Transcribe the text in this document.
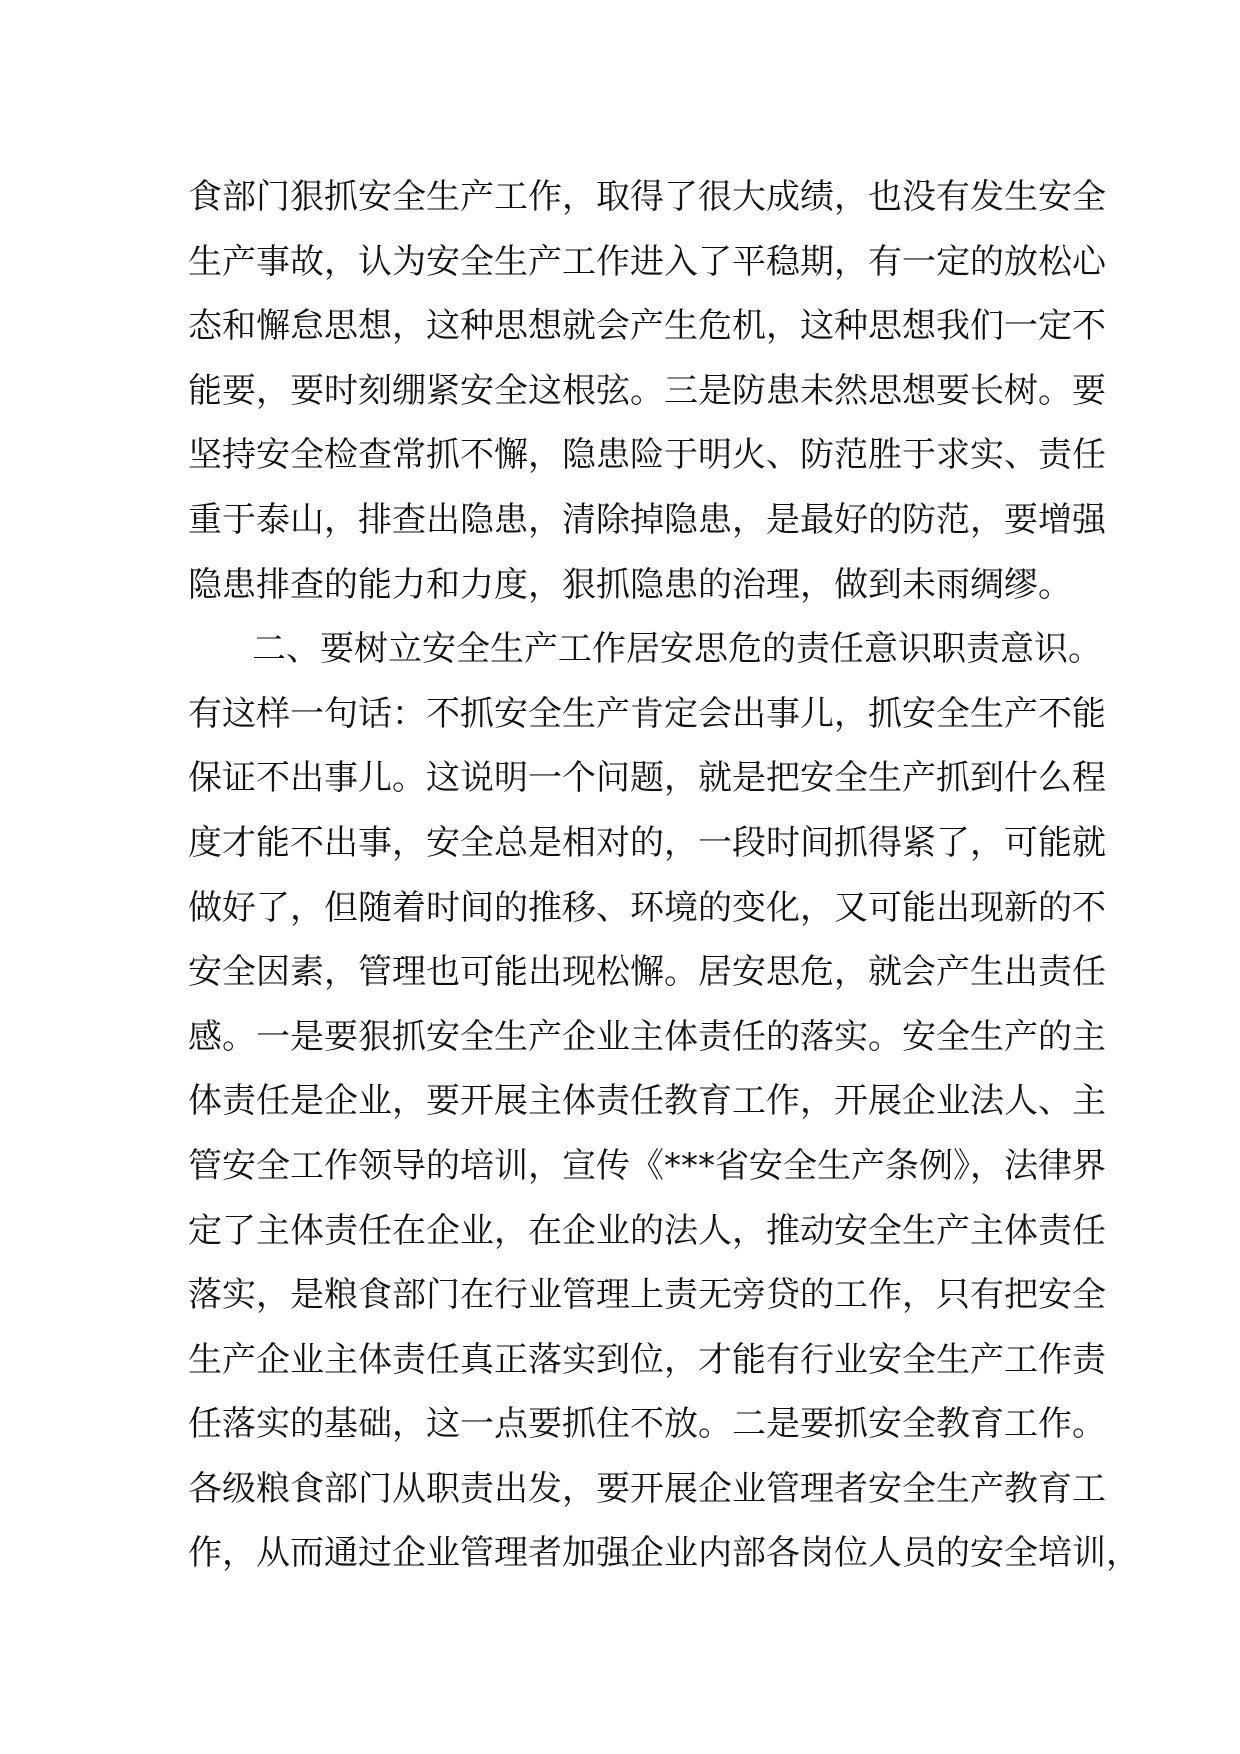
食部门狠抓安全生产工作，取得了很大成绩，也没有发生安全
生产事故，认为安全生产工作进入了平稳期，有一定的放松心
态和懈怠思想，这种思想就会产生危机，这种思想我们一定不
能要，要时刻绷紧安全这根弦。三是防患未然思想要长树。要
坚持安全检查常抓不懈，隐患险于明火、防范胜于求实、责任
重于泰山，排查出隐患，清除掉隐患，是最好的防范，要增强
隐患排查的能力和力度，狠抓隐患的治理，做到未雨绸缪。
二、要树立安全生产工作居安思危的责任意识职责意识。
有这样一句话：不抓安全生产肯定会出事儿，抓安全生产不能
保证不出事儿。这说明一个问题，就是把安全生产抓到什么程
度才能不出事，安全总是相对的，一段时间抓得紧了，可能就
做好了，但随着时间的推移、环境的变化，又可能出现新的不
安全因素，管理也可能出现松懈。居安思危，就会产生出责任
感。一是要狠抓安全生产企业主体责任的落实。安全生产的主
体责任是企业，要开展主体责任教育工作，开展企业法人、主
管安全工作领导的培训，宣传《***省安全生产条例》，法律界
定了主体责任在企业，在企业的法人，推动安全生产主体责任
落实，是粮食部门在行业管理上责无旁贷的工作，只有把安全
生产企业主体责任真正落实到位，才能有行业安全生产工作责
任落实的基础，这一点要抓住不放。二是要抓安全教育工作。
各级粮食部门从职责出发，要开展企业管理者安全生产教育工
作，从而通过企业管理者加强企业内部各岗位人员的安全培训，
